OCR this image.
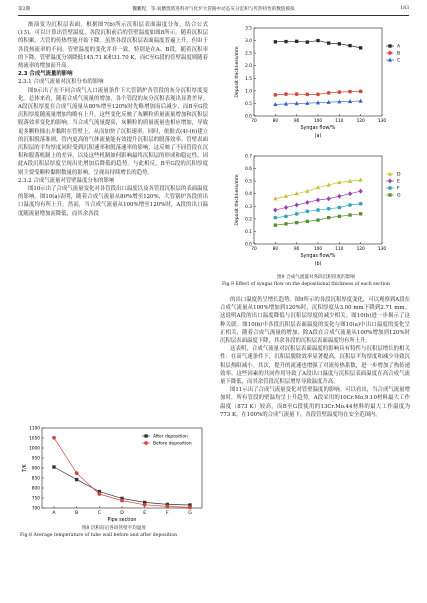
第2期	魏鹏程，等:氧燃烧塔进料对气化炉大管路中动态灰分沉积与传热特性的数值模拟	183

渐演变为沉积层表面。根据图7(b)所示沉积层表面温度分布，结合公式(13)，可以计算出管壁温度。各段沉积前后的管壁温度如图8所示。随着沉积层的积累，大管的传热性能开始下降。虽然各段沉积层表面温度普遍上升，但由于各段热流率的不同，管壁温度的变化并非一致。特别是在A、B段，随着沉积率的下降，管壁温度分别降低145.71 K和31.70 K，而C至G段的管壁温度则随着热流率的增加而升高。

2.3 合成气流量的影响

2.3.1 合成气流量对沉积分布的影响

图9示出了在不同合成气入口流量条件下大管锅炉各管段的灰分沉积厚度变化。总体来看，随着合成气流量的增加，各个管段的灰分沉积表现出显著差异。A段沉积厚度在合成气流量从80%增至120%时先略增加而后减少，而B至G段沉积厚度随流量增加均略有上升。这些变化反映了灰颗粒质量流量增加和沉积层脱落效率变化的影响。当合成气流量提高，灰颗粒的质量流量也相应增加，导致更多颗粒撞击并黏附在管壁上，从而加快了沉积速率。同时，依据式(4)-(6)建立的沉积脱落准则，管内更高的气体流量能有效提升沉积层的脱落效率。管壁表面沉积层的平均厚度同时受到沉积速率和脱落速率的影响，这反映了不同管段在沉积和脱落机制上的差异，以及这些机制如何影响最终沉积层的形成和稳定性。因此A段沉积层厚度呈现出先增加后降低的趋势。与此相反，B至G段的沉积厚度则主要受颗粒黏附数量的影响，呈现出持续增长的趋势。

2.3.2 合成气流量对管壁温度分布的影响

图10示出了合成气流量变化对各管段出口温度以及各管段沉积层的表面温度的影响。图10(a)表明，随着合成气流量从80%增至120%，大管锅炉各段的出口温度均有所上升。然而，当合成气流量从100%增至120%时，A段的出口温度随流量增加而降低，而其余各段

700
750
800
850
900
950
1000
1050
1100
A	B	C	D	E	F	G
Pipe section
T/K
After deposition
Before deposition
图8 沉积前后各段管壁平均温度
Fig.8 Average temperature of tube wall before and after deposition
0.0
0.5
1.0
1.5
2.0
2.5
3.0
3.5
70	80	90	100	110	120	130
Syngas flow/%
Deposit thickness/mm
(a)
A
B
C
0.0
0.1
0.2
0.3
0.4
0.5
0.6
0.7
70	80	90	100	110	120	130
Syngas flow/%
Deposit thickness/mm
(b)
D
E
F
G
图9 合成气流量对各段沉积厚度的影响
Fig.9 Effect of syngas flow on the depositional thickness of each section

的出口温度仍呈增长趋势。图9所示的各段沉积厚度变化，可以观察到A段在合成气流量从100%增加到120%时，沉积厚度从3.00 mm下降到2.71 mm。这说明A段的出口温度降低与沉积层厚度的减少相关。图10(b)进一步揭示了这种关联。图10(b)中各段沉积层表面温度的变化与图10(a)中出口温度的变化呈正相关，随着合成气流量的增加，除A段在合成气流量从100%增加到120%时沉积层表面温度下降，其余各段的沉积层表面温度均有所上升。

这表明，合成气流量对沉积层表面温度的影响具有特性与沉积层增长的相关性：在高气速条件下，沉积层脱除效率显著提高，沉积层平均厚度和减少导致沉积层热阻减小。其次，提升的流速也增强了对流传热系数，进一步增加了热传递效率。这些因素的共同作用导致了A段出口温度与沉积层表面温度在高合成气流量下降低，而其余管段沉积层增厚导致温度升高。

图11示出了合成气流量变化对管壁温度的影响。可以看出，当合成气流量增加时，所有管段的壁温均呈上升趋势。A段采用的10Cr.Mo.9.10材料最大工作温度（873 K）较高，而B至G段使用的13Cr.Mo.44材料的最大工作温度为773 K。在100%的合成气流量下，各段管壁温度均在安全范围内。
